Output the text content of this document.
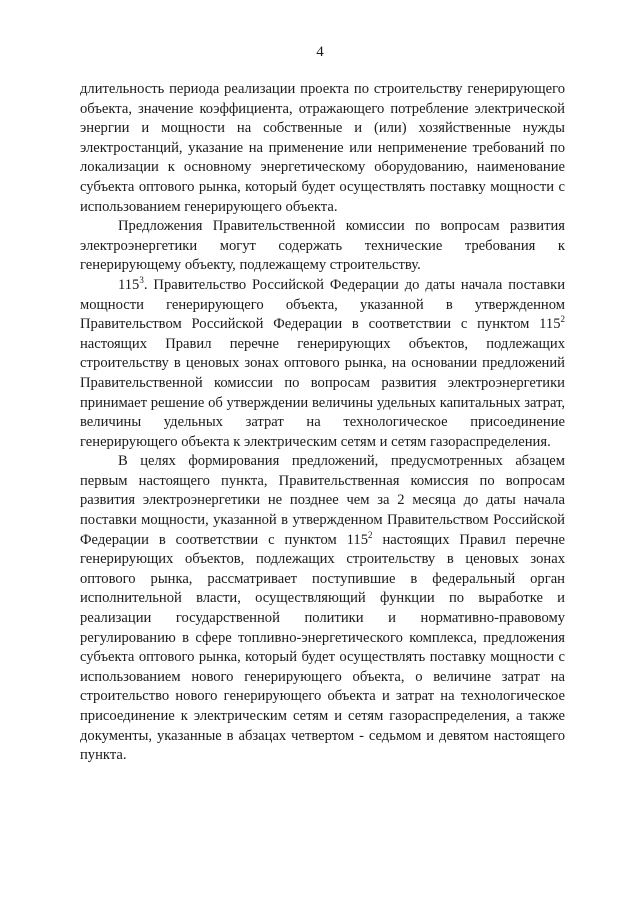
4

длительность периода реализации проекта по строительству генерирующего объекта, значение коэффициента, отражающего потребление электрической энергии и мощности на собственные и (или) хозяйственные нужды электростанций, указание на применение или неприменение требований по локализации к основному энергетическому оборудованию, наименование субъекта оптового рынка, который будет осуществлять поставку мощности с использованием генерирующего объекта.

Предложения Правительственной комиссии по вопросам развития электроэнергетики могут содержать технические требования к генерирующему объекту, подлежащему строительству.

$115^3$. Правительство Российской Федерации до даты начала поставки мощности генерирующего объекта, указанной в утвержденном Правительством Российской Федерации в соответствии с пунктом $115^2$ настоящих Правил перечне генерирующих объектов, подлежащих строительству в ценовых зонах оптового рынка, на основании предложений Правительственной комиссии по вопросам развития электроэнергетики принимает решение об утверждении величины удельных капитальных затрат, величины удельных затрат на технологическое присоединение генерирующего объекта к электрическим сетям и сетям газораспределения.

В целях формирования предложений, предусмотренных абзацем первым настоящего пункта, Правительственная комиссия по вопросам развития электроэнергетики не позднее чем за 2 месяца до даты начала поставки мощности, указанной в утвержденном Правительством Российской Федерации в соответствии с пунктом $115^2$ настоящих Правил перечне генерирующих объектов, подлежащих строительству в ценовых зонах оптового рынка, рассматривает поступившие в федеральный орган исполнительной власти, осуществляющий функции по выработке и реализации государственной политики и нормативно-правовому регулированию в сфере топливно-энергетического комплекса, предложения субъекта оптового рынка, который будет осуществлять поставку мощности с использованием нового генерирующего объекта, о величине затрат на строительство нового генерирующего объекта и затрат на технологическое присоединение к электрическим сетям и сетям газораспределения, а также документы, указанные в абзацах четвертом - седьмом и девятом настоящего пункта.
